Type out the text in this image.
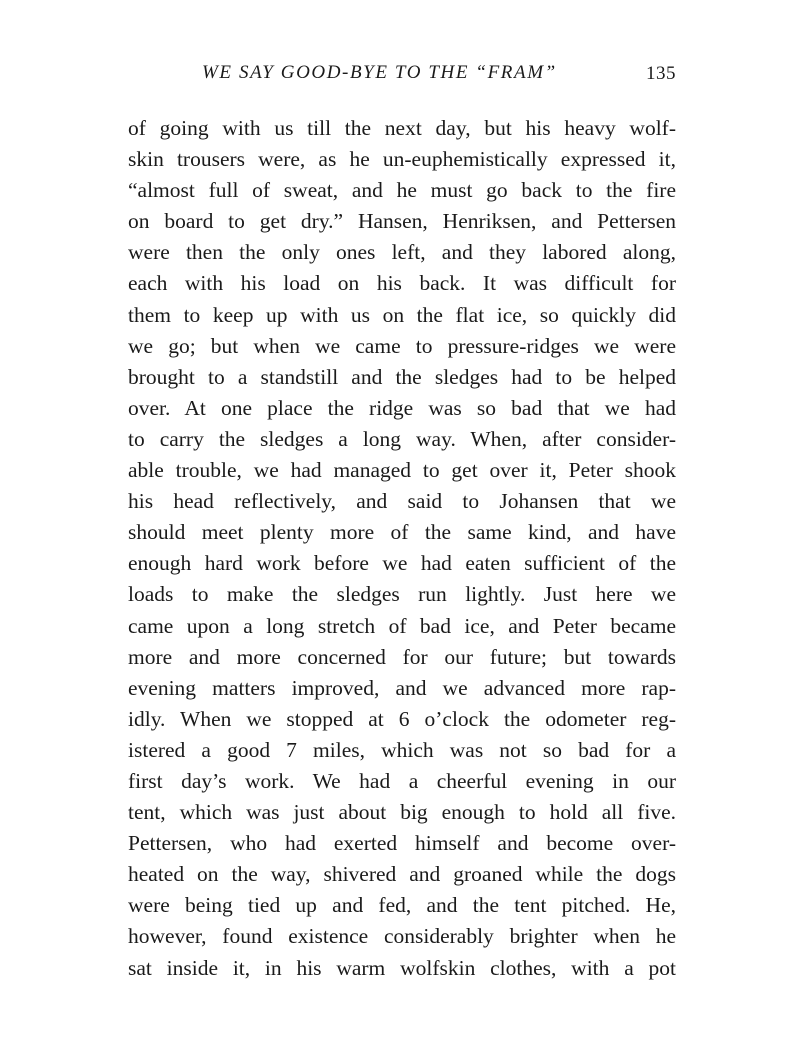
WE SAY GOOD-BYE TO THE “FRAM”	135
of going with us till the next day, but his heavy wolf-
skin trousers were, as he un-euphemistically expressed it,
“almost full of sweat, and he must go back to the fire
on board to get dry.” Hansen, Henriksen, and Pettersen
were then the only ones left, and they labored along,
each with his load on his back. It was difficult for
them to keep up with us on the flat ice, so quickly did
we go; but when we came to pressure-ridges we were
brought to a standstill and the sledges had to be helped
over. At one place the ridge was so bad that we had
to carry the sledges a long way. When, after consider-
able trouble, we had managed to get over it, Peter shook
his head reflectively, and said to Johansen that we
should meet plenty more of the same kind, and have
enough hard work before we had eaten sufficient of the
loads to make the sledges run lightly. Just here we
came upon a long stretch of bad ice, and Peter became
more and more concerned for our future; but towards
evening matters improved, and we advanced more rap-
idly. When we stopped at 6 o’clock the odometer reg-
istered a good 7 miles, which was not so bad for a
first day’s work. We had a cheerful evening in our
tent, which was just about big enough to hold all five.
Pettersen, who had exerted himself and become over-
heated on the way, shivered and groaned while the dogs
were being tied up and fed, and the tent pitched. He,
however, found existence considerably brighter when he
sat inside it, in his warm wolfskin clothes, with a pot
